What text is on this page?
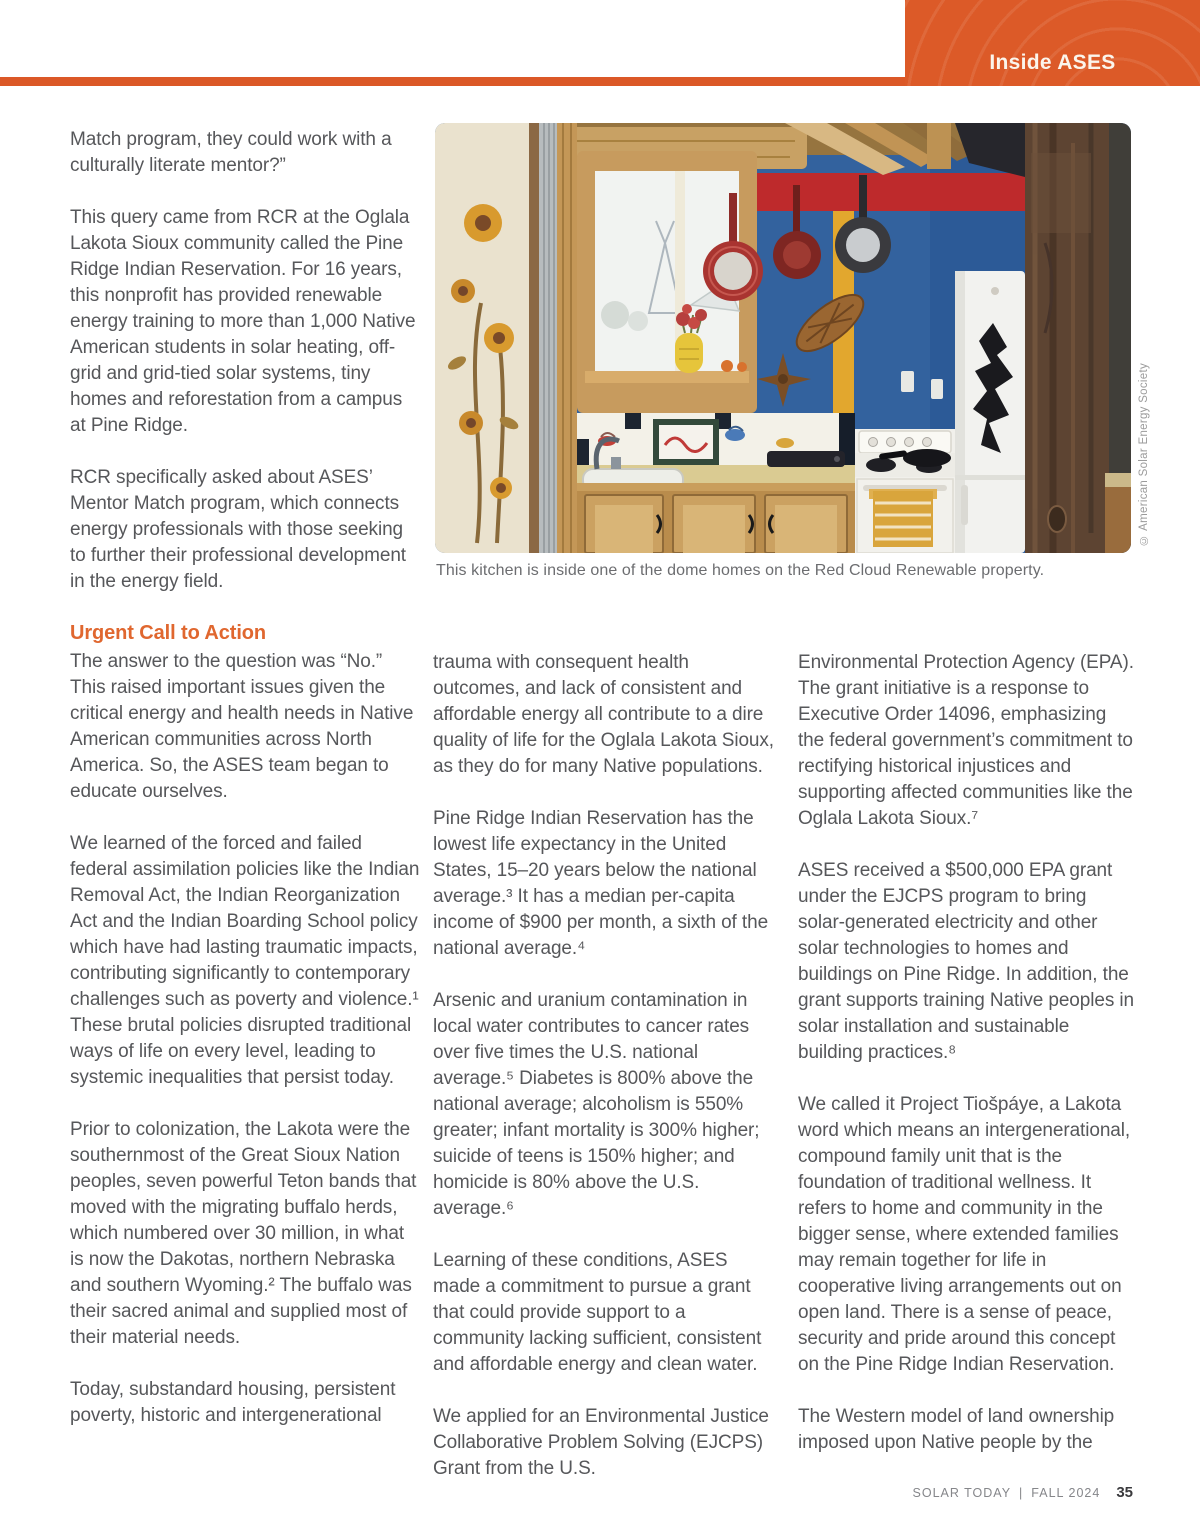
Inside ASES
© American Solar Energy Society
This kitchen is inside one of the dome homes on the Red Cloud Renewable property.

Match program, they could work with a culturally literate mentor?”

This query came from RCR at the Oglala Lakota Sioux community called the Pine Ridge Indian Reservation. For 16 years, this nonprofit has provided renewable energy training to more than 1,000 Native American students in solar heating, off-grid and grid-tied solar systems, tiny homes and reforestation from a campus at Pine Ridge.

RCR specifically asked about ASES’ Mentor Match program, which connects energy professionals with those seeking to further their professional development in the energy field.

Urgent Call to Action

The answer to the question was “No.” This raised important issues given the critical energy and health needs in Native American communities across North America. So, the ASES team began to educate ourselves.

We learned of the forced and failed federal assimilation policies like the Indian Removal Act, the Indian Reorganization Act and the Indian Boarding School policy which have had lasting traumatic impacts, contributing significantly to contemporary challenges such as poverty and violence.¹ These brutal policies disrupted traditional ways of life on every level, leading to systemic inequalities that persist today.

Prior to colonization, the Lakota were the southernmost of the Great Sioux Nation peoples, seven powerful Teton bands that moved with the migrating buffalo herds, which numbered over 30 million, in what is now the Dakotas, northern Nebraska and southern Wyoming.² The buffalo was their sacred animal and supplied most of their material needs.

Today, substandard housing, persistent poverty, historic and intergenerational

trauma with consequent health outcomes, and lack of consistent and affordable energy all contribute to a dire quality of life for the Oglala Lakota Sioux, as they do for many Native populations.

Pine Ridge Indian Reservation has the lowest life expectancy in the United States, 15–20 years below the national average.³ It has a median per-capita income of $900 per month, a sixth of the national average.⁴

Arsenic and uranium contamination in local water contributes to cancer rates over five times the U.S. national average.⁵ Diabetes is 800% above the national average; alcoholism is 550% greater; infant mortality is 300% higher; suicide of teens is 150% higher; and homicide is 80% above the U.S. average.⁶

Learning of these conditions, ASES made a commitment to pursue a grant that could provide support to a community lacking sufficient, consistent and affordable energy and clean water.

We applied for an Environmental Justice Collaborative Problem Solving (EJCPS) Grant from the U.S.

Environmental Protection Agency (EPA). The grant initiative is a response to Executive Order 14096, emphasizing the federal government’s commitment to rectifying historical injustices and supporting affected communities like the Oglala Lakota Sioux.⁷

ASES received a $500,000 EPA grant under the EJCPS program to bring solar-generated electricity and other solar technologies to homes and buildings on Pine Ridge. In addition, the grant supports training Native peoples in solar installation and sustainable building practices.⁸

We called it Project Tiošpáye, a Lakota word which means an intergenerational, compound family unit that is the foundation of traditional wellness. It refers to home and community in the bigger sense, where extended families may remain together for life in cooperative living arrangements out on open land. There is a sense of peace, security and pride around this concept on the Pine Ridge Indian Reservation.

The Western model of land ownership imposed upon Native people by the

SOLAR TODAY | FALL 2024 35
